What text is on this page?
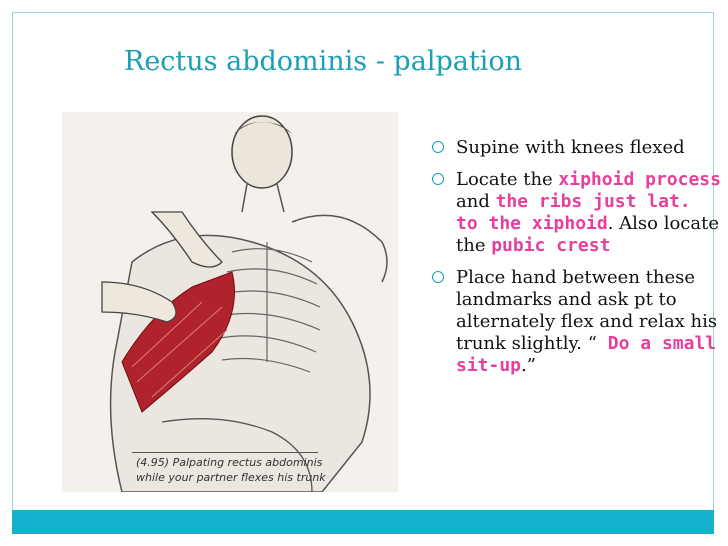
Rectus abdominis - palpation
(4.95) Palpating rectus abdominis
while your partner flexes his trunk
Supine with knees flexed
Locate the xiphoid process and the ribs just lat. to the xiphoid. Also locate the pubic crest
Place hand between these landmarks and ask pt to alternately flex and relax his trunk slightly. “ Do a small sit-up.”
